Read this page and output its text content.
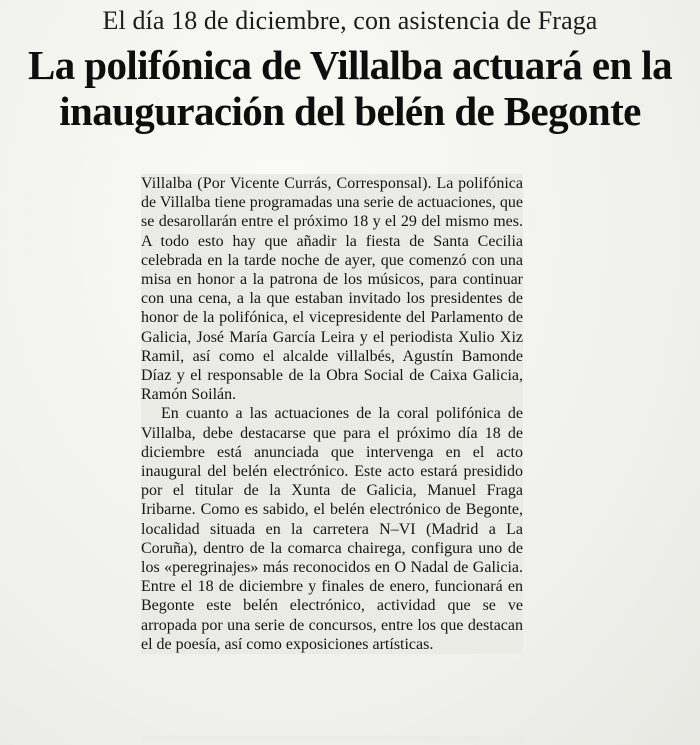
El día 18 de diciembre, con asistencia de Fraga
La polifónica de Villalba actuará en la inauguración del belén de Begonte

Villalba (Por Vicente Currás, Corresponsal). La polifónica de Villalba tiene programadas una serie de actuaciones, que se desarollarán entre el próximo 18 y el 29 del mismo mes. A todo esto hay que añadir la fiesta de Santa Cecilia celebrada en la tarde noche de ayer, que comenzó con una misa en honor a la patrona de los músicos, para continuar con una cena, a la que estaban invitado los presidentes de honor de la polifónica, el vicepresidente del Parlamento de Galicia, José María García Leira y el periodista Xulio Xiz Ramil, así como el alcalde villalbés, Agustín Bamonde Díaz y el responsable de la Obra Social de Caixa Galicia, Ramón Soilán.

En cuanto a las actuaciones de la coral polifónica de Villalba, debe destacarse que para el próximo día 18 de diciembre está anunciada que intervenga en el acto inaugural del belén electrónico. Este acto estará presidido por el titular de la Xunta de Galicia, Manuel Fraga Iribarne. Como es sabido, el belén electrónico de Begonte, localidad situada en la carretera N–VI (Madrid a La Coruña), dentro de la comarca chairega, configura uno de los «peregrinajes» más reconocidos en O Nadal de Galicia. Entre el 18 de diciembre y finales de enero, funcionará en Begonte este belén electrónico, actividad que se ve arropada por una serie de concursos, entre los que destacan el de poesía, así como exposiciones artísticas.
